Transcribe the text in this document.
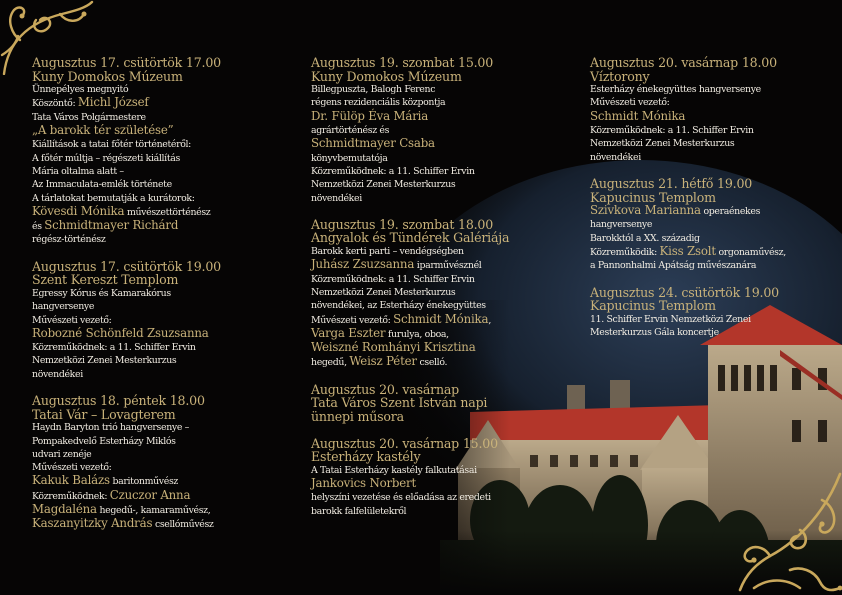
Augusztus 17. csütörtök 17.00
Kuny Domokos Múzeum
Ünnepélyes megnyitó
Köszöntő: Michl József
Tata Város Polgármestere
„A barokk tér születése”
Kiállítások a tatai főtér történetéről:
A főtér múltja – régészeti kiállítás
Mária oltalma alatt –
Az Immaculata-emlék története
A tárlatokat bemutatják a kurátorok:
Kövesdi Mónika művészettörténész
és Schmidtmayer Richárd
régész-történész
Augusztus 17. csütörtök 19.00
Szent Kereszt Templom
Egressy Kórus és Kamarakórus
hangversenye
Művészeti vezető:
Robozné Schönfeld Zsuzsanna
Közreműködnek: a 11. Schiffer Ervin
Nemzetközi Zenei Mesterkurzus
növendékei
Augusztus 18. péntek 18.00
Tatai Vár – Lovagterem
Haydn Baryton trió hangversenye –
Pompakedvelő Esterházy Miklós
udvari zenéje
Művészeti vezető:
Kakuk Balázs baritonművész
Közreműködnek: Czuczor Anna
Magdaléna hegedű-, kamaraművész,
Kaszanyitzky András csellóművész
Augusztus 19. szombat 15.00
Kuny Domokos Múzeum
Billegpuszta, Balogh Ferenc
régens rezidenciális központja
Dr. Fülöp Éva Mária
agrártörténész és
Schmidtmayer Csaba
könyvbemutatója
Közreműködnek: a 11. Schiffer Ervin
Nemzetközi Zenei Mesterkurzus
növendékei
Augusztus 19. szombat 18.00
Angyalok és Tündérek Galériája
Barokk kerti parti – vendégségben
Juhász Zsuzsanna iparművésznél
Közreműködnek: a 11. Schiffer Ervin
Nemzetközi Zenei Mesterkurzus
növendékei, az Esterházy énekegyüttes
Művészeti vezető: Schmidt Mónika,
Varga Eszter furulya, oboa,
Weiszné Romhányi Krisztina
hegedű, Weisz Péter cselló.
Augusztus 20. vasárnap
Tata Város Szent István napi
ünnepi műsora
Augusztus 20. vasárnap 15.00
Esterházy kastély
A Tatai Esterházy kastély falkutatásai
Jankovics Norbert
helyszíni vezetése és előadása az eredeti
barokk falfelületekről
Augusztus 20. vasárnap 18.00
Víztorony
Esterházy énekegyüttes hangversenye
Művészeti vezető:
Schmidt Mónika
Közreműködnek: a 11. Schiffer Ervin
Nemzetközi Zenei Mesterkurzus
növendékei
Augusztus 21. hétfő 19.00
Kapucinus Templom
Szivkova Marianna operaénekes
hangversenye
Barokktól a XX. századig
Közreműködik: Kiss Zsolt orgonaművész,
a Pannonhalmi Apátság művészanára
Augusztus 24. csütörtök 19.00
Kapucinus Templom
11. Schiffer Ervin Nemzetközi Zenei
Mesterkurzus Gála koncertje
